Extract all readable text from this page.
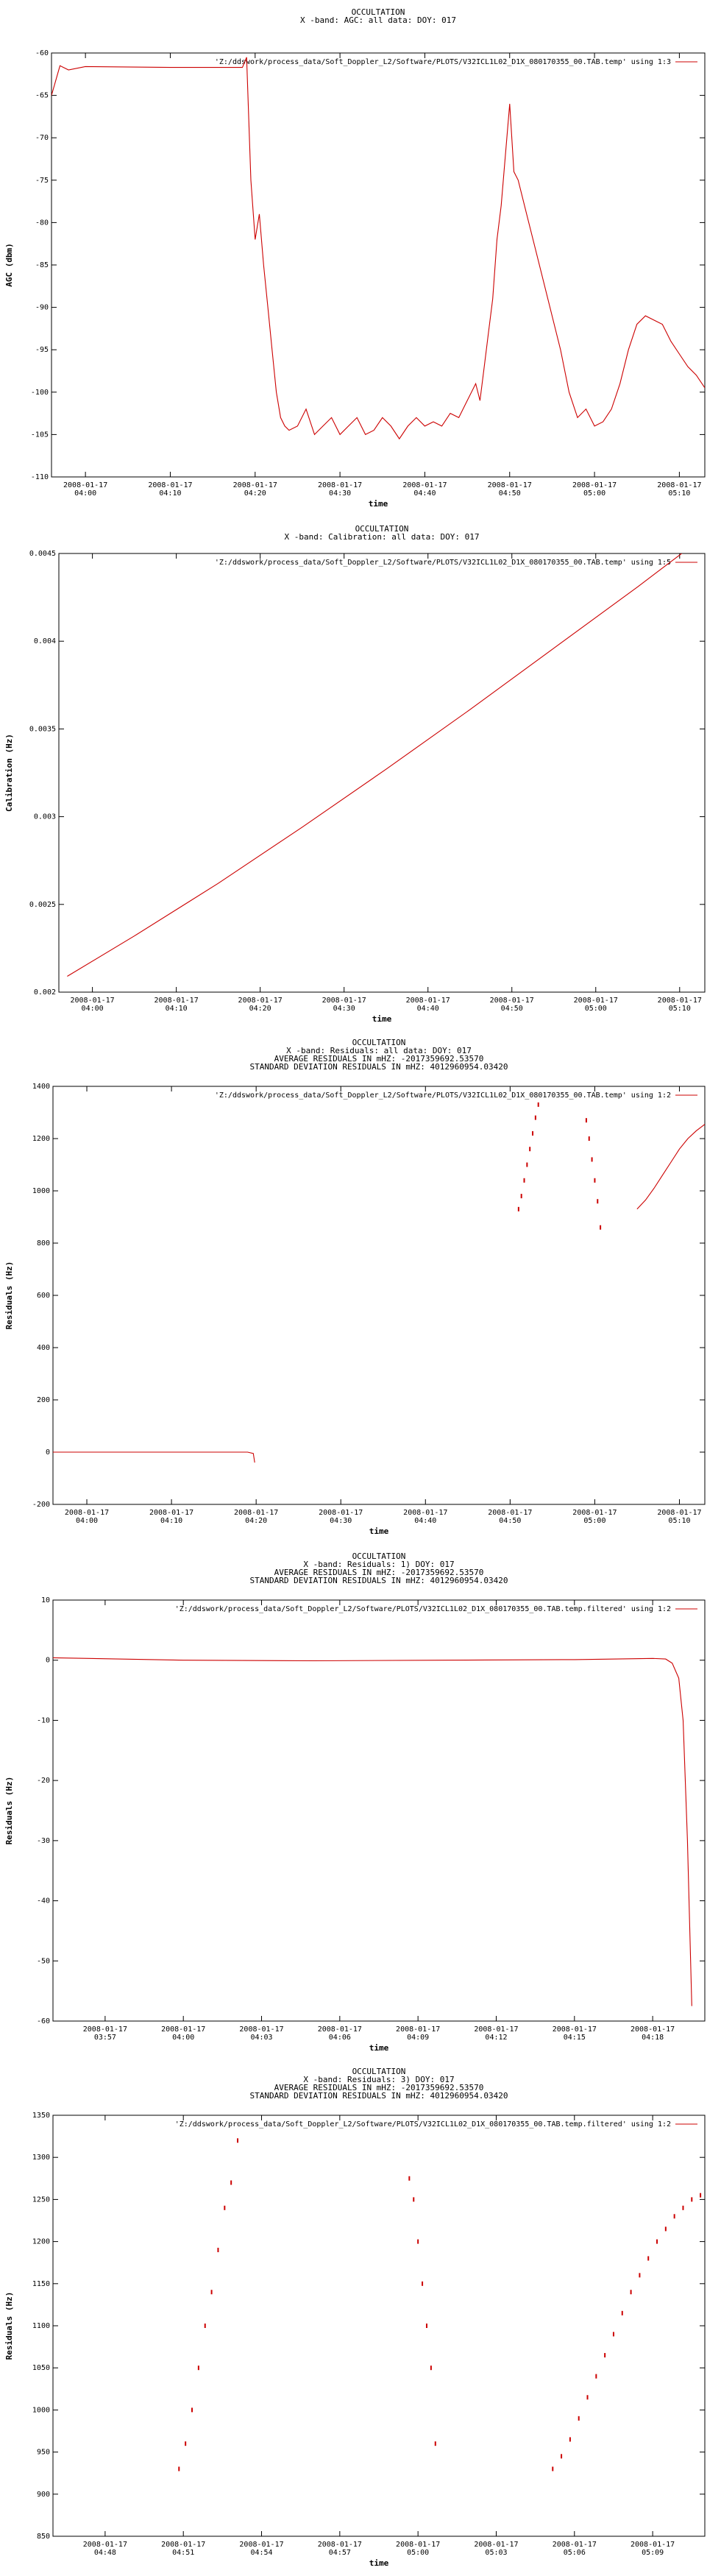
OCCULTATION
X -band: AGC: all data: DOY: 017
-60
-65
-70
-75
-80
-85
-90
-95
-100
-105
-110
2008-01-17
04:00
2008-01-17
04:10
2008-01-17
04:20
2008-01-17
04:30
2008-01-17
04:40
2008-01-17
04:50
2008-01-17
05:00
2008-01-17
05:10
time
AGC (dbm)
'Z:/ddswork/process_data/Soft_Doppler_L2/Software/PLOTS/V32ICL1L02_D1X_080170355_00.TAB.temp' using 1:3
OCCULTATION
X -band: Calibration: all data: DOY: 017
0.002
0.0025
0.003
0.0035
0.004
0.0045
2008-01-17
04:00
2008-01-17
04:10
2008-01-17
04:20
2008-01-17
04:30
2008-01-17
04:40
2008-01-17
04:50
2008-01-17
05:00
2008-01-17
05:10
time
Calibration (Hz)
'Z:/ddswork/process_data/Soft_Doppler_L2/Software/PLOTS/V32ICL1L02_D1X_080170355_00.TAB.temp' using 1:5
OCCULTATION
X -band: Residuals: all data: DOY: 017
AVERAGE RESIDUALS IN mHZ: -2017359692.53570
STANDARD DEVIATION RESIDUALS IN mHZ: 4012960954.03420
-200
0
200
400
600
800
1000
1200
1400
2008-01-17
04:00
2008-01-17
04:10
2008-01-17
04:20
2008-01-17
04:30
2008-01-17
04:40
2008-01-17
04:50
2008-01-17
05:00
2008-01-17
05:10
time
Residuals (Hz)
'Z:/ddswork/process_data/Soft_Doppler_L2/Software/PLOTS/V32ICL1L02_D1X_080170355_00.TAB.temp' using 1:2
OCCULTATION
X -band: Residuals: 1) DOY: 017
AVERAGE RESIDUALS IN mHZ: -2017359692.53570
STANDARD DEVIATION RESIDUALS IN mHZ: 4012960954.03420
10
0
-10
-20
-30
-40
-50
-60
2008-01-17
03:57
2008-01-17
04:00
2008-01-17
04:03
2008-01-17
04:06
2008-01-17
04:09
2008-01-17
04:12
2008-01-17
04:15
2008-01-17
04:18
time
Residuals (Hz)
'Z:/ddswork/process_data/Soft_Doppler_L2/Software/PLOTS/V32ICL1L02_D1X_080170355_00.TAB.temp.filtered' using 1:2
OCCULTATION
X -band: Residuals: 3) DOY: 017
AVERAGE RESIDUALS IN mHZ: -2017359692.53570
STANDARD DEVIATION RESIDUALS IN mHZ: 4012960954.03420
1350
1300
1250
1200
1150
1100
1050
1000
950
900
850
2008-01-17
04:48
2008-01-17
04:51
2008-01-17
04:54
2008-01-17
04:57
2008-01-17
05:00
2008-01-17
05:03
2008-01-17
05:06
2008-01-17
05:09
time
Residuals (Hz)
'Z:/ddswork/process_data/Soft_Doppler_L2/Software/PLOTS/V32ICL1L02_D1X_080170355_00.TAB.temp.filtered' using 1:2
